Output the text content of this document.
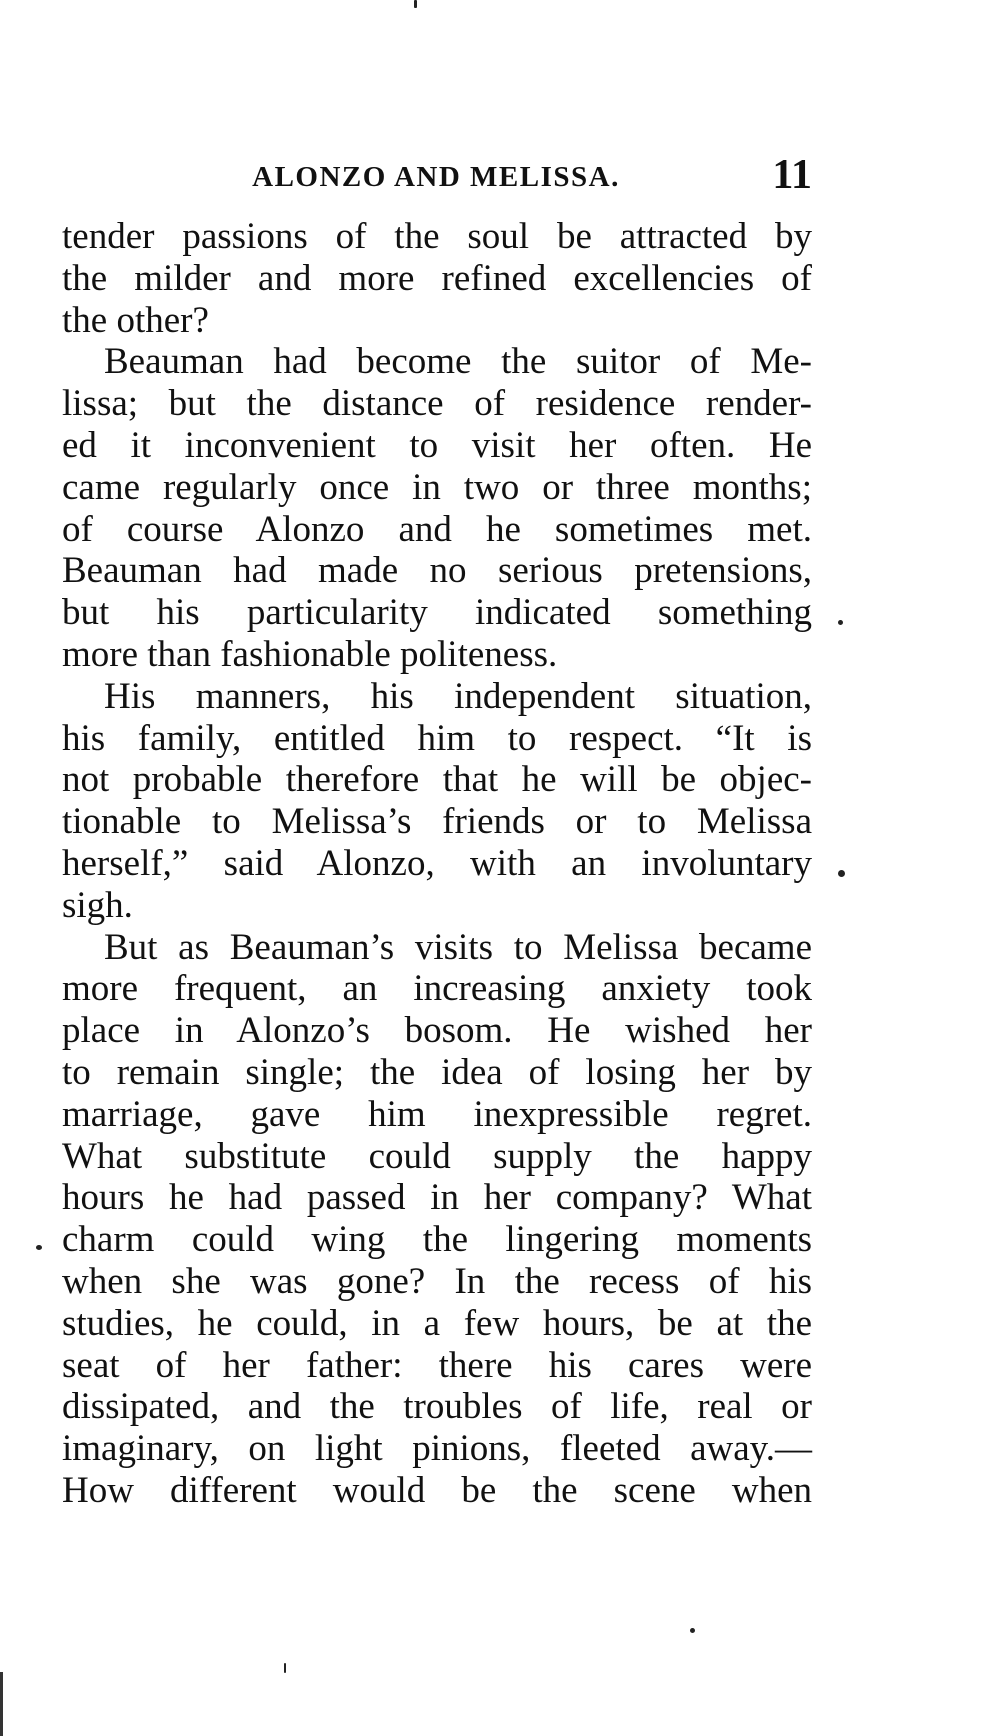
ALONZO AND MELISSA.	11
tender passions of the soul be attracted by
the milder and more refined excellencies of
the other?
Beauman had become the suitor of Me-
lissa; but the distance of residence render-
ed it inconvenient to visit her often. He
came regularly once in two or three months;
of course Alonzo and he sometimes met.
Beauman had made no serious pretensions,
but his particularity indicated something
more than fashionable politeness.
His manners, his independent situation,
his family, entitled him to respect. “It is
not probable therefore that he will be objec-
tionable to Melissa’s friends or to Melissa
herself,” said Alonzo, with an involuntary
sigh.
But as Beauman’s visits to Melissa became
more frequent, an increasing anxiety took
place in Alonzo’s bosom. He wished her
to remain single; the idea of losing her by
marriage, gave him inexpressible regret.
What substitute could supply the happy
hours he had passed in her company? What
charm could wing the lingering moments
when she was gone? In the recess of his
studies, he could, in a few hours, be at the
seat of her father: there his cares were
dissipated, and the troubles of life, real or
imaginary, on light pinions, fleeted away.—
How different would be the scene when
